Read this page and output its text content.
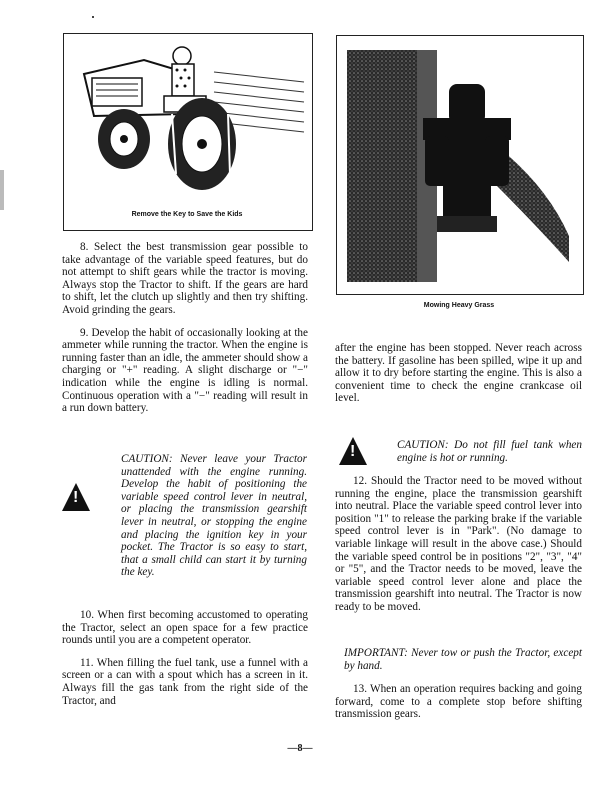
Remove the Key to Save the Kids
Mowing Heavy Grass

8. Select the best transmission gear possible to take advantage of the variable speed features, but do not attempt to shift gears while the tractor is moving. Always stop the Tractor to shift. If the gears are hard to shift, let the clutch up slightly and then try shifting. Avoid grinding the gears.

9. Develop the habit of occasionally looking at the ammeter while running the tractor. When the engine is running faster than an idle, the ammeter should show a charging or "+" reading. A slight discharge or "−" indication while the engine is idling is normal. Continuous operation with a "−" reading will result in a run down battery.

!
CAUTION: Never leave your Tractor unattended with the engine running. Develop the habit of positioning the variable speed control lever in neutral, or placing the transmission gearshift lever in neutral, or stopping the engine and placing the ignition key in your pocket. The Tractor is so easy to start, that a small child can start it by turning the key.

10. When first becoming accustomed to operating the Tractor, select an open space for a few practice rounds until you are a competent operator.

11. When filling the fuel tank, use a funnel with a screen or a can with a spout which has a screen in it. Always fill the gas tank from the right side of the Tractor, and

after the engine has been stopped. Never reach across the battery. If gasoline has been spilled, wipe it up and allow it to dry before starting the engine. This is also a convenient time to check the engine crankcase oil level.

!	CAUTION: Do not fill fuel tank when engine is hot or running.

12. Should the Tractor need to be moved without running the engine, place the transmission gearshift into neutral. Place the variable speed control lever into position "1" to release the parking brake if the variable speed control lever is in "Park". (No damage to variable linkage will result in the above case.) Should the variable speed control be in positions "2", "3", "4" or "5", and the Tractor needs to be moved, leave the variable speed control lever alone and place the transmission gearshift into neutral. The Tractor is now ready to be moved.

IMPORTANT: Never tow or push the Tractor, except by hand.

13. When an operation requires backing and going forward, come to a complete stop before shifting transmission gears.

—8—
